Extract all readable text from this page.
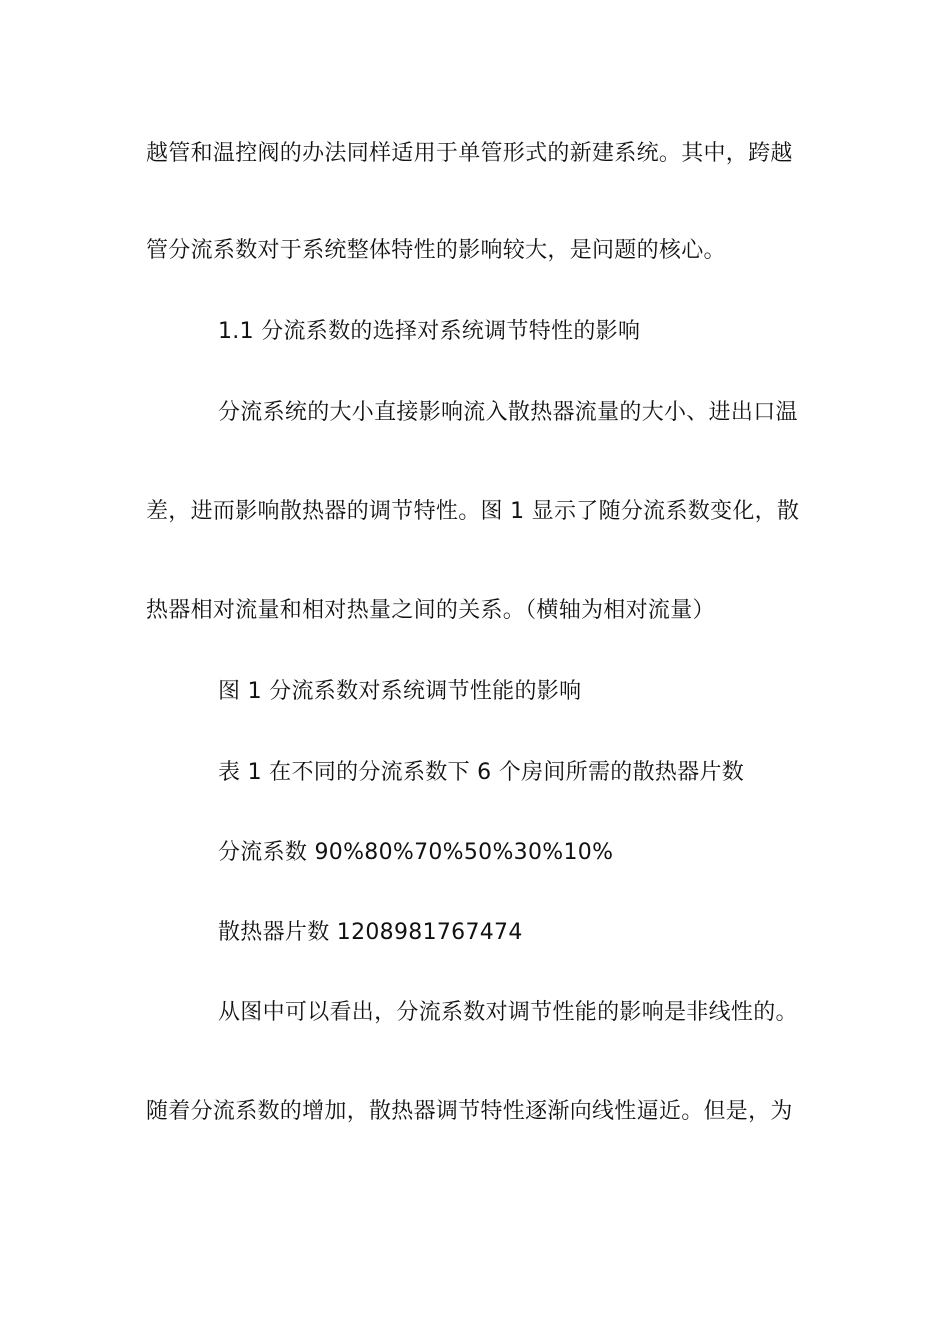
越管和温控阀的办法同样适用于单管形式的新建系统。其中，跨越
管分流系数对于系统整体特性的影响较大，是问题的核心。
1.1 分流系数的选择对系统调节特性的影响
分流系统的大小直接影响流入散热器流量的大小、进出口温
差，进而影响散热器的调节特性。图 1 显示了随分流系数变化，散
热器相对流量和相对热量之间的关系。（横轴为相对流量）
图 1 分流系数对系统调节性能的影响
表 1 在不同的分流系数下 6 个房间所需的散热器片数
分流系数 90%80%70%50%30%10%
散热器片数 1208981767474
从图中可以看出，分流系数对调节性能的影响是非线性的。
随着分流系数的增加，散热器调节特性逐渐向线性逼近。但是，为
